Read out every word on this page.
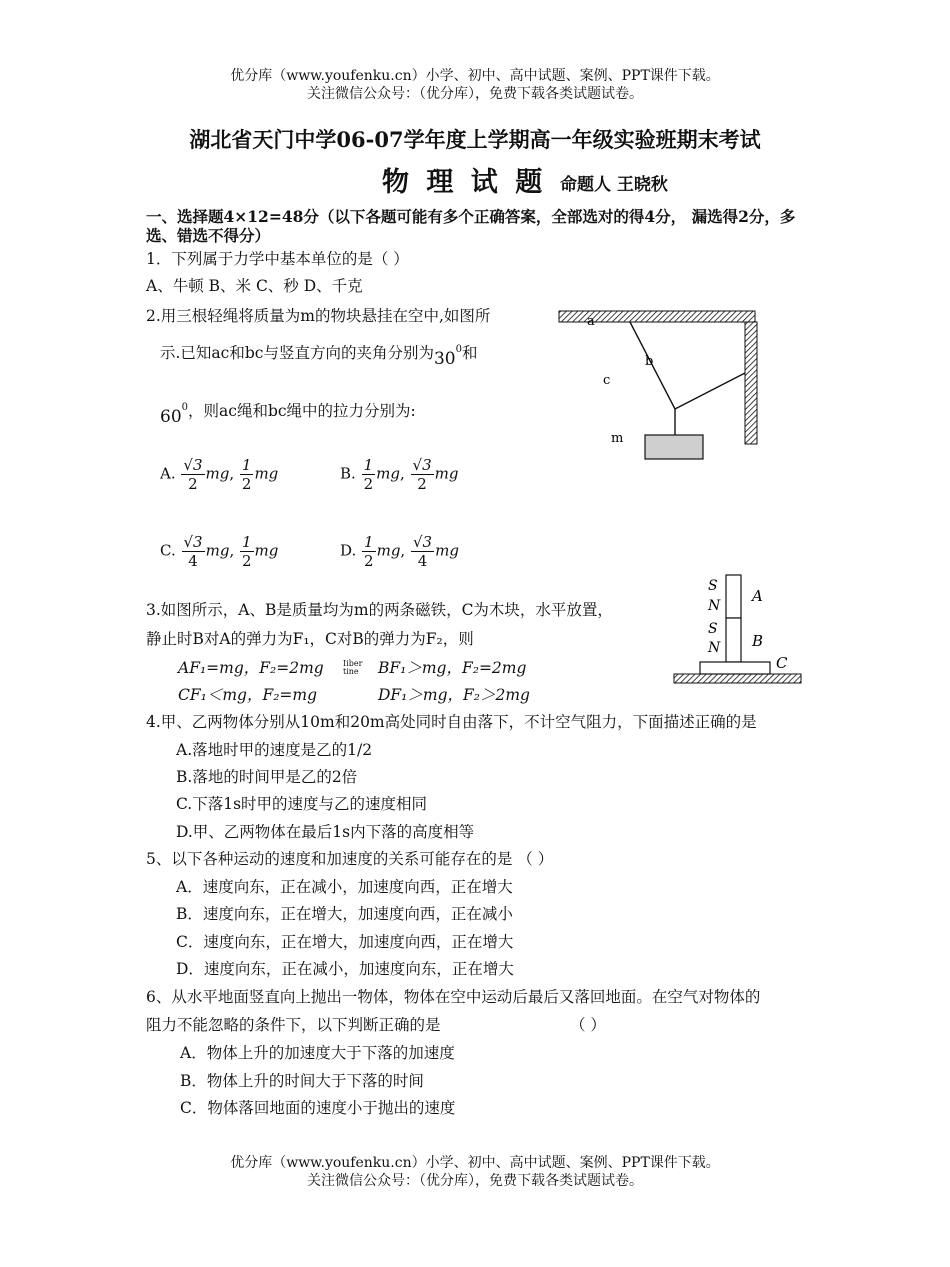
优分库（www.youfenku.cn）小学、初中、高中试题、案例、PPT课件下载。
关注微信公众号：（优分库），免费下载各类试题试卷。
湖北省天门中学06-07学年度上学期高一年级实验班期末考试
物 理 试 题 命题人 王晓秋
一、选择题4×12=48分（以下各题可能有多个正确答案，全部选对的得4分， 漏选得2分，多选、错选不得分）
1．下列属于力学中基本单位的是（ ）
A、牛顿 B、米 C、秒 D、千克
2.用三根轻绳将质量为m的物块悬挂在空中,如图所
示.已知ac和bc与竖直方向的夹角分别为$30^0$和
$60^0$，则ac绳和bc绳中的拉力分别为:
A. $\frac{√3}{2}$ mg, $\frac{1}{2}$ mg	B. $\frac{1}{2}$ mg, $\frac{√3}{2}$ mg
C. $\frac{√3}{4}$ mg, $\frac{1}{2}$ mg	D. $\frac{1}{2}$ mg, $\frac{√3}{4}$ mg
a
b
c
m
3.如图所示，A、B是质量均为m的两条磁铁，C为木块，水平放置，
静止时B对A的弹力为F₁，C对B的弹力为F₂，则
AF₁=mg，F₂=2mg Iiber tine	BF₁＞mg，F₂=2mg
CF₁＜mg，F₂=mg	DF₁＞mg，F₂＞2mg
S
N
S
N
A
B
C
4.甲、乙两物体分别从10m和20m高处同时自由落下，不计空气阻力，下面描述正确的是
A.落地时甲的速度是乙的1/2
B.落地的时间甲是乙的2倍
C.下落1s时甲的速度与乙的速度相同
D.甲、乙两物体在最后1s内下落的高度相等
5、以下各种运动的速度和加速度的关系可能存在的是 （ ）
A．速度向东，正在减小，加速度向西，正在增大
B．速度向东，正在增大，加速度向西，正在减小
C．速度向东，正在增大，加速度向西，正在增大
D．速度向东，正在减小，加速度向东，正在增大
6、从水平地面竖直向上抛出一物体，物体在空中运动后最后又落回地面。在空气对物体的
阻力不能忽略的条件下，以下判断正确的是	（ ）
A．物体上升的加速度大于下落的加速度
B．物体上升的时间大于下落的时间
C．物体落回地面的速度小于抛出的速度
优分库（www.youfenku.cn）小学、初中、高中试题、案例、PPT课件下载。
关注微信公众号：（优分库），免费下载各类试题试卷。
